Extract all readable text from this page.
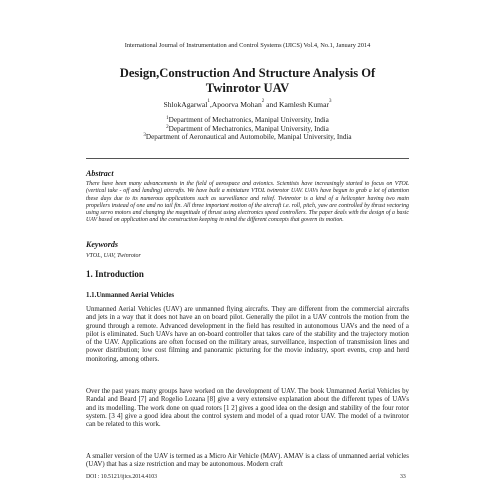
International Journal of Instrumentation and Control Systems (IJICS) Vol.4, No.1, January 2014
Design,Construction And Structure Analysis Of
Twinrotor UAV
ShlokAgarwal$^1$,Apoorva Mohan$^2$ and Kamlesh Kumar$^3$
$^1$Department of Mechatronics, Manipal University, India
$^2$Department of Mechatronics, Manipal University, India
$^3$Department of Aeronautical and Automobile, Manipal University, India
Abstract
There have been many advancements in the field of aerospace and avionics. Scientists have increasingly started to focus on VTOL (vertical take - off and landing) aircrafts. We have built a miniature VTOL twinrotor UAV. UAVs have begun to grab a lot of attention these days due to its numerous applications such as surveillance and relief. Twinrotor is a kind of a helicopter having two main propellers instead of one and no tail fin. All three important motion of the aircraft i.e. roll, pitch, yaw are controlled by thrust vectoring using servo motors and changing the magnitude of thrust using electronics speed controllers. The paper deals with the design of a basic UAV based on application and the construction keeping in mind the different concepts that govern its motion.
Keywords
VTOL, UAV, Twinrotor
1. Introduction
1.1.Unmanned Aerial Vehicles
Unmanned Aerial Vehicles (UAV) are unmanned flying aircrafts. They are different from the commercial aircrafts and jets in a way that it does not have an on board pilot. Generally the pilot in a UAV controls the motion from the ground through a remote. Advanced development in the field has resulted in autonomous UAVs and the need of a pilot is eliminated. Such UAVs have an on-board controller that takes care of the stability and the trajectory motion of the UAV. Applications are often focused on the military areas, surveillance, inspection of transmission lines and power distribution; low cost filming and panoramic picturing for the movie industry, sport events, crop and herd monitoring, among others.
Over the past years many groups have worked on the development of UAV. The book Unmanned Aerial Vehicles by Randal and Beard [7] and Rogelio Lozana [8] give a very extensive explanation about the different types of UAVs and its modelling. The work done on quad rotors [1 2] gives a good idea on the design and stability of the four rotor system. [3 4] give a good idea about the control system and model of a quad rotor UAV. The model of a twinrotor can be related to this work.
A smaller version of the UAV is termed as a Micro Air Vehicle (MAV). AMAV is a class of unmanned aerial vehicles (UAV) that has a size restriction and may be autonomous. Modern craft
DOI : 10.5121/ijics.2014.4103	33
